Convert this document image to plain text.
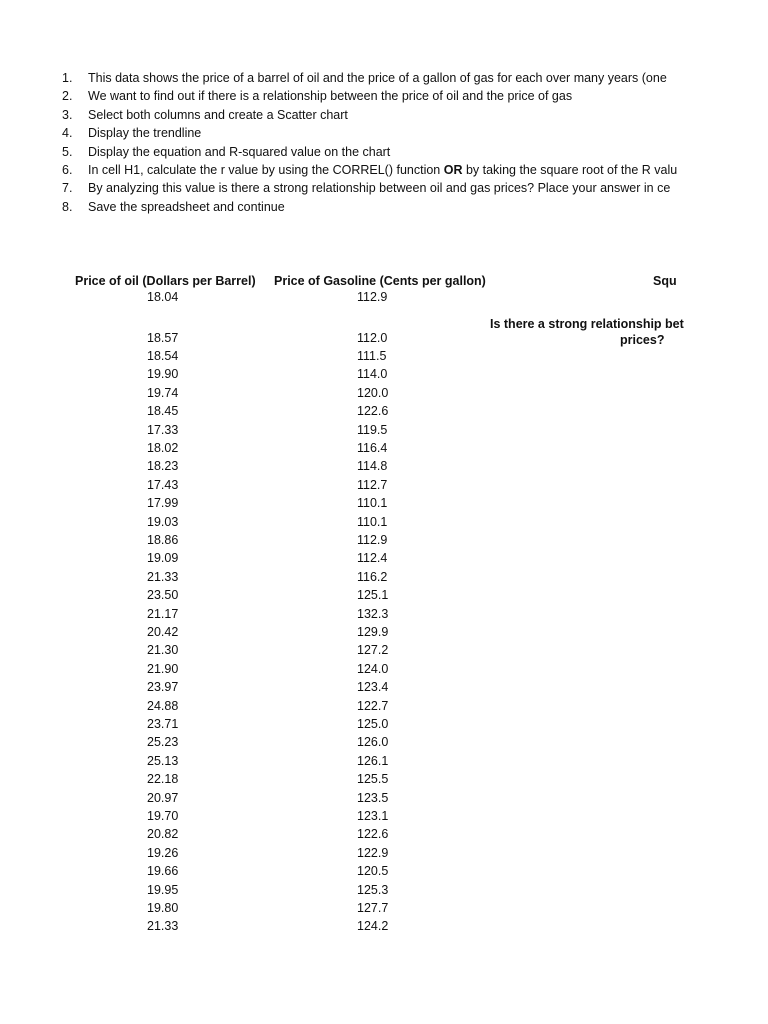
1. This data shows the price of a barrel of oil and the price of a gallon of gas for each over many years (one
2. We want to find out if there is a relationship between the price of oil and the price of gas
3. Select both columns and create a Scatter chart
4. Display the trendline
5. Display the equation and R-squared value on the chart
6. In cell H1, calculate the r value by using the CORREL() function OR by taking the square root of the R valu
7. By analyzing this value is there a strong relationship between oil and gas prices? Place your answer in ce
8. Save the spreadsheet and continue
Price of oil (Dollars per Barrel) Price of Gasoline (Cents per gallon)	Squ
Is there a strong relationship bet
prices?
18.04	112.9
18.57	112.0
18.54	111.5
19.90	114.0
19.74	120.0
18.45	122.6
17.33	119.5
18.02	116.4
18.23	114.8
17.43	112.7
17.99	110.1
19.03	110.1
18.86	112.9
19.09	112.4
21.33	116.2
23.50	125.1
21.17	132.3
20.42	129.9
21.30	127.2
21.90	124.0
23.97	123.4
24.88	122.7
23.71	125.0
25.23	126.0
25.13	126.1
22.18	125.5
20.97	123.5
19.70	123.1
20.82	122.6
19.26	122.9
19.66	120.5
19.95	125.3
19.80	127.7
21.33	124.2
